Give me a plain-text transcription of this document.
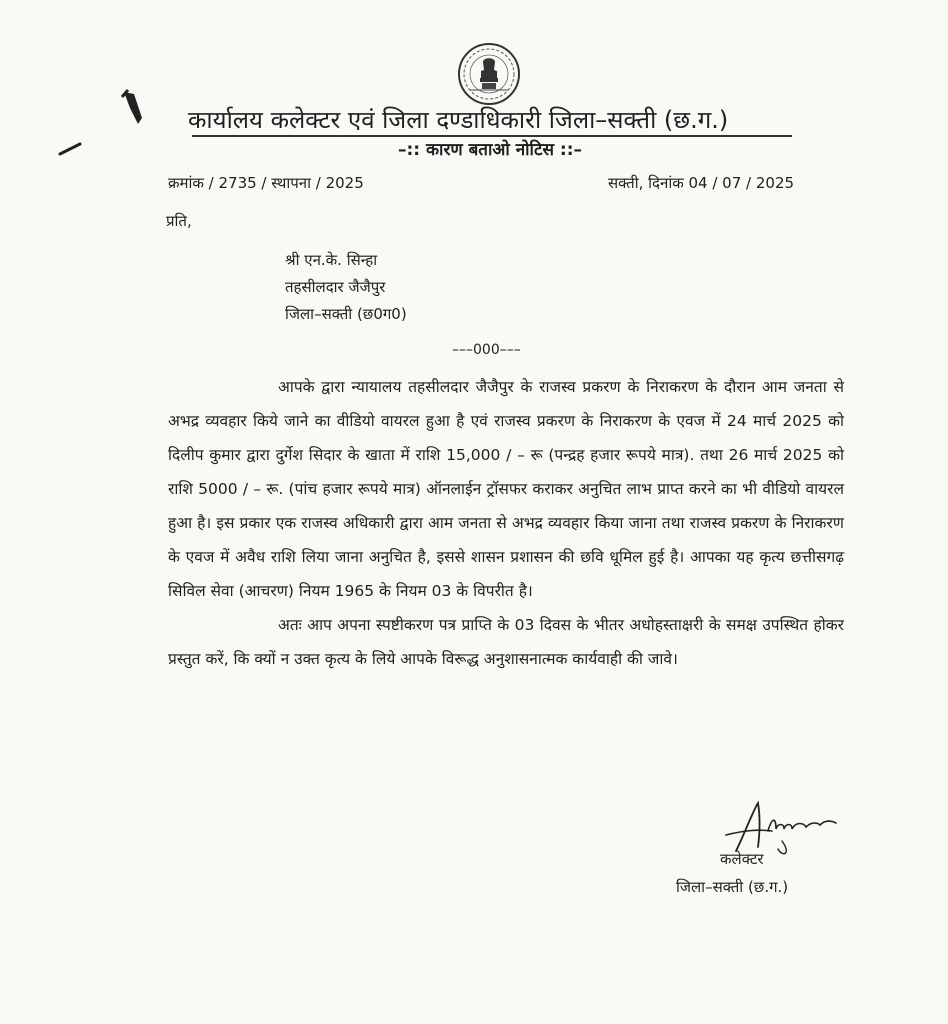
कार्यालय कलेक्टर एवं जिला दण्डाधिकारी जिला–सक्ती (छ.ग.)
–:: कारण बताओ नोटिस ::–
क्रमांक / 2735 / स्थापना / 2025	सक्ती, दिनांक 04 / 07 / 2025
प्रति,
श्री एन.के. सिन्हा
तहसीलदार जैजैपुर
जिला–सक्ती (छ0ग0)
–––000–––

आपके द्वारा न्यायालय तहसीलदार जैजैपुर के राजस्व प्रकरण के निराकरण के दौरान आम जनता से अभद्र व्यवहार किये जाने का वीडियो वायरल हुआ है एवं राजस्व प्रकरण के निराकरण के एवज में 24 मार्च 2025 को दिलीप कुमार द्वारा दुर्गेश सिदार के खाता में राशि 15,000 / – रू (पन्द्रह हजार रूपये मात्र). तथा 26 मार्च 2025 को राशि 5000 / – रू. (पांच हजार रूपये मात्र) ऑनलाईन ट्रॉसफर कराकर अनुचित लाभ प्राप्त करने का भी वीडियो वायरल हुआ है। इस प्रकार एक राजस्व अधिकारी द्वारा आम जनता से अभद्र व्यवहार किया जाना तथा राजस्व प्रकरण के निराकरण के एवज में अवैध राशि लिया जाना अनुचित है, इससे शासन प्रशासन की छवि धूमिल हुई है। आपका यह कृत्य छत्तीसगढ़ सिविल सेवा (आचरण) नियम 1965 के नियम 03 के विपरीत है।

अतः आप अपना स्पष्टीकरण पत्र प्राप्ति के 03 दिवस के भीतर अधोहस्ताक्षरी के समक्ष उपस्थित होकर प्रस्तुत करें, कि क्यों न उक्त कृत्य के लिये आपके विरूद्ध अनुशासनात्मक कार्यवाही की जावे।

कलेक्टर
जिला–सक्ती (छ.ग.)
